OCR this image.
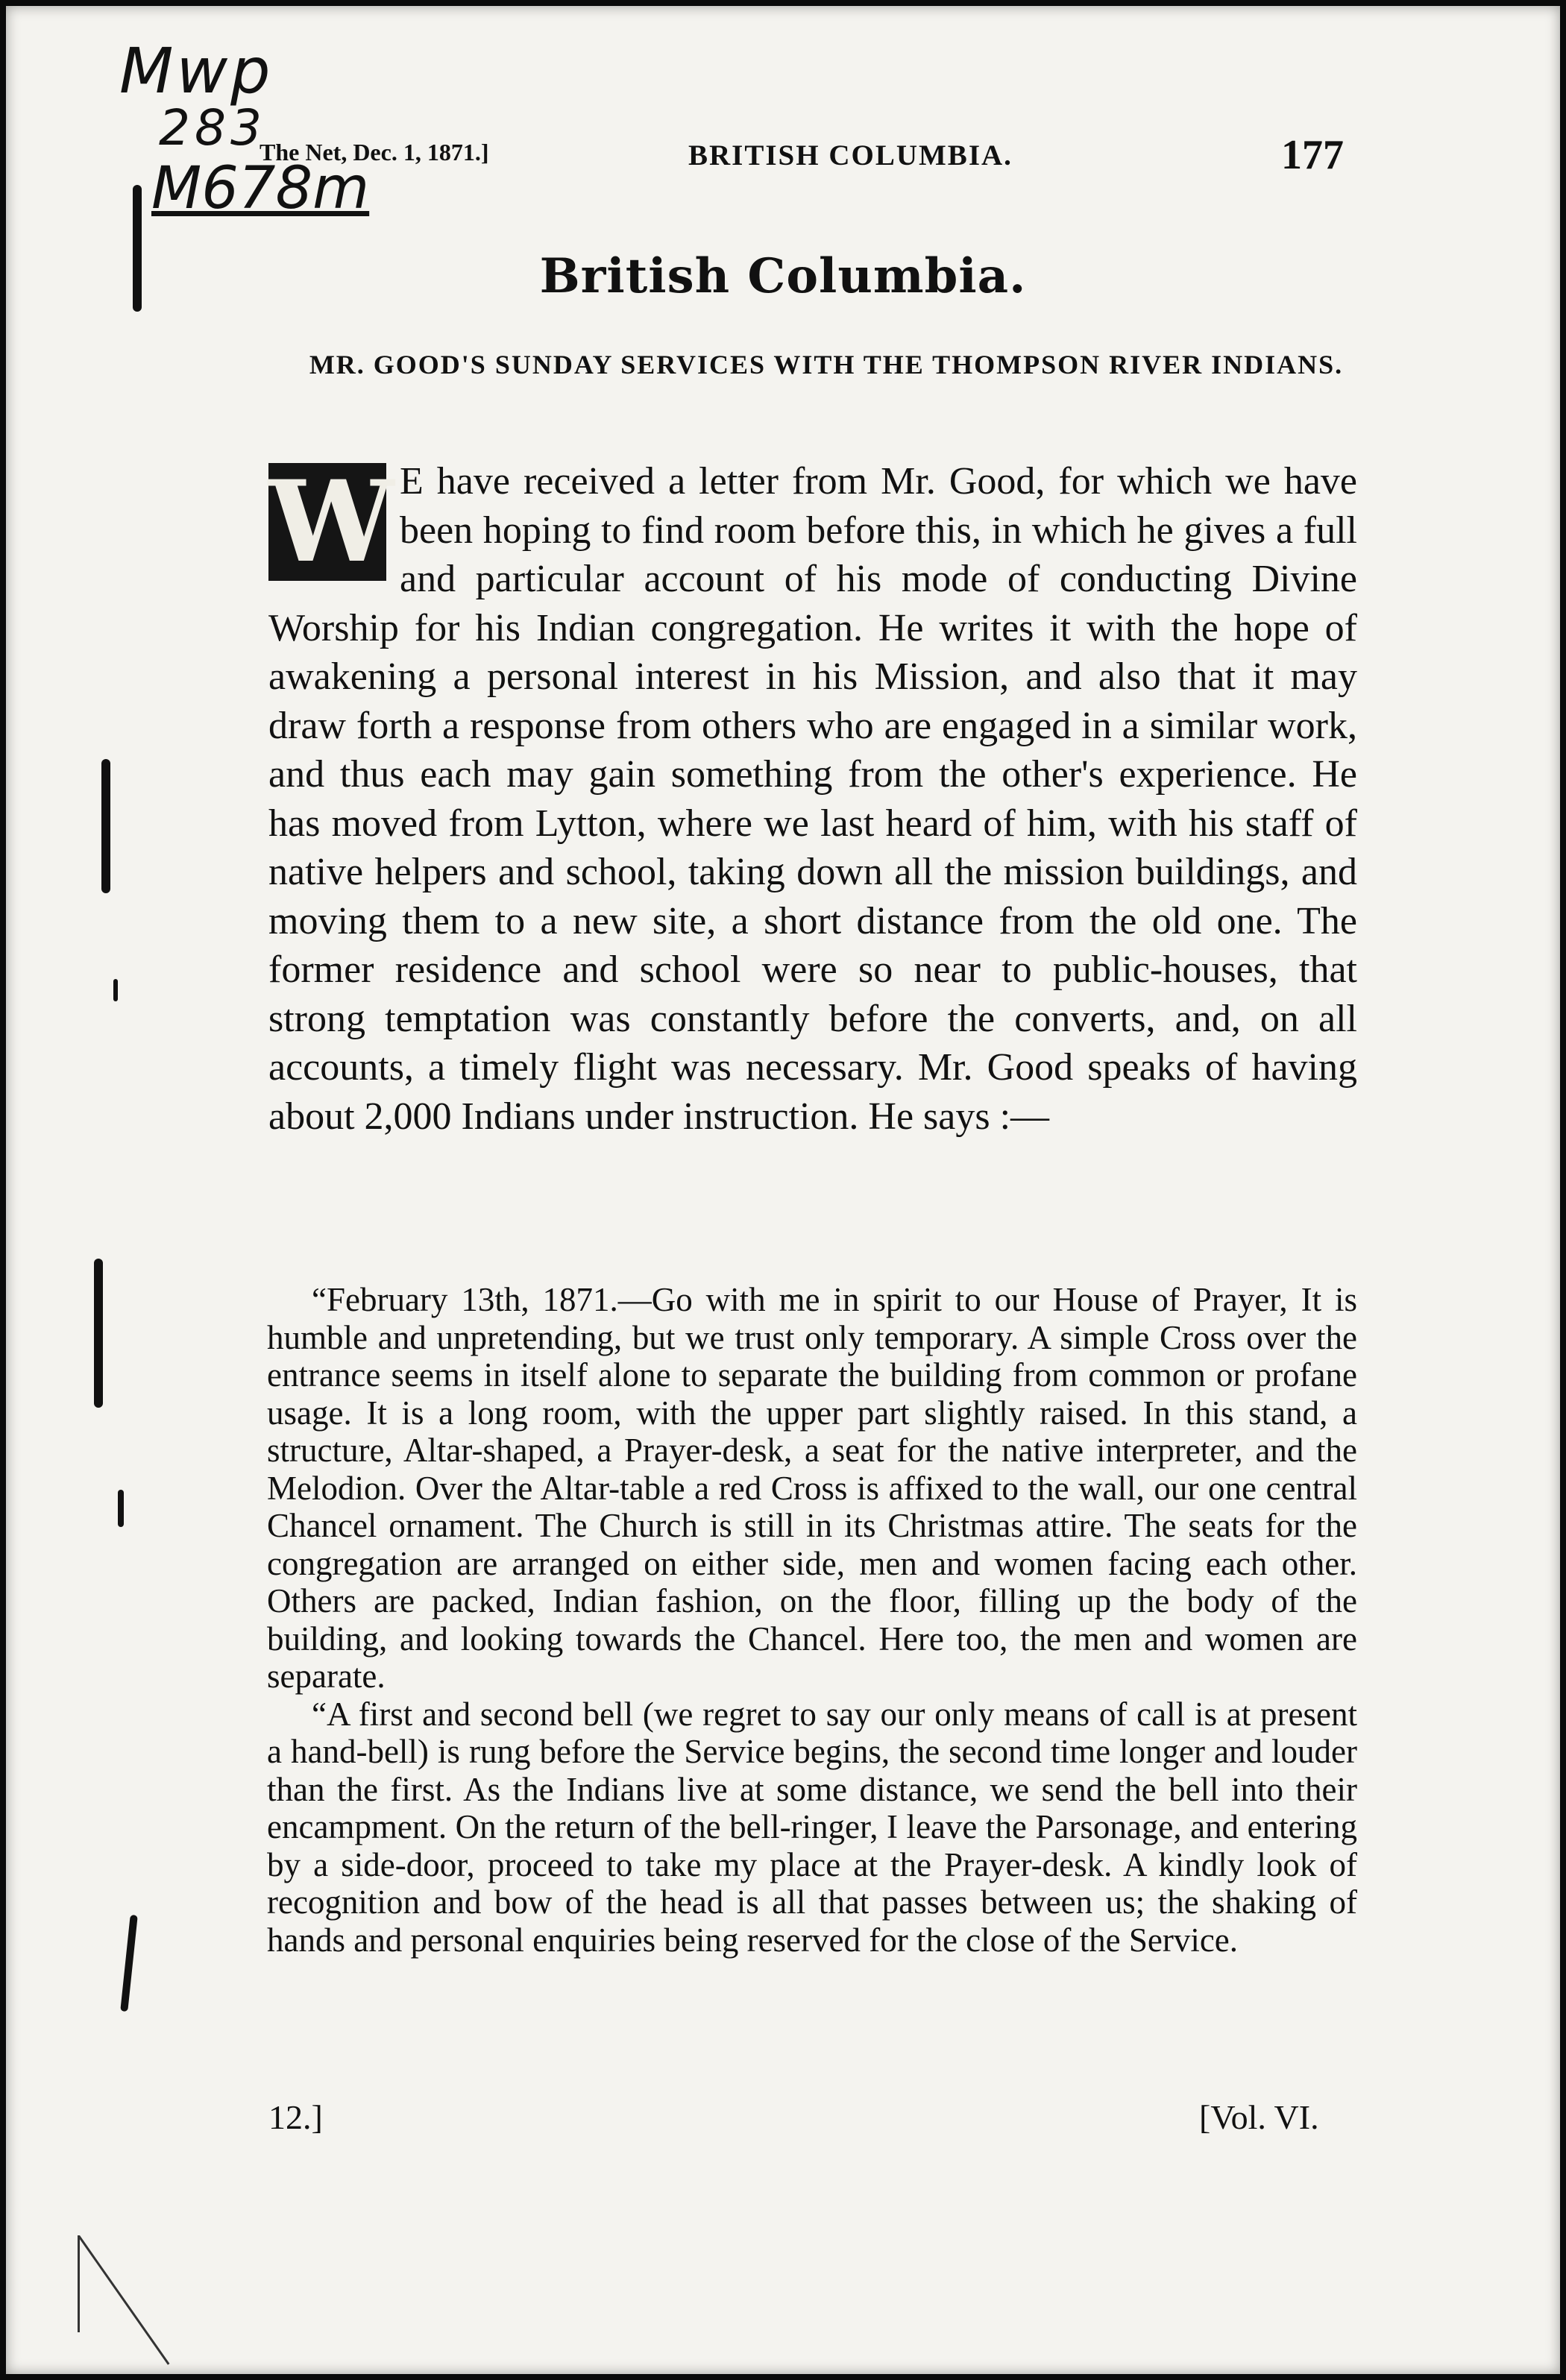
Mwp
283
M678m
The Net, Dec. 1, 1871.]	BRITISH COLUMBIA.	177
British Columbia.
MR. GOOD'S SUNDAY SERVICES WITH THE THOMPSON RIVER INDIANS.
W E have received a letter from Mr. Good, for which we have been hoping to find room before this, in which he gives a full and particular account of his mode of conducting Divine Worship for his Indian congregation. He writes it with the hope of awakening a personal interest in his Mission, and also that it may draw forth a response from others who are engaged in a similar work, and thus each may gain something from the other's experience. He has moved from Lytton, where we last heard of him, with his staff of native helpers and school, taking down all the mission buildings, and moving them to a new site, a short distance from the old one. The former residence and school were so near to public-houses, that strong temptation was constantly before the converts, and, on all accounts, a timely flight was necessary. Mr. Good speaks of having about 2,000 Indians under instruction. He says :—

“February 13th, 1871.—Go with me in spirit to our House of Prayer, It is humble and unpretending, but we trust only temporary. A simple Cross over the entrance seems in itself alone to separate the building from common or profane usage. It is a long room, with the upper part slightly raised. In this stand, a structure, Altar-shaped, a Prayer-desk, a seat for the native interpreter, and the Melodion. Over the Altar-table a red Cross is affixed to the wall, our one central Chancel ornament. The Church is still in its Christmas attire. The seats for the congregation are arranged on either side, men and women facing each other. Others are packed, Indian fashion, on the floor, filling up the body of the building, and looking towards the Chancel. Here too, the men and women are separate.

“A first and second bell (we regret to say our only means of call is at present a hand-bell) is rung before the Service begins, the second time longer and louder than the first. As the Indians live at some distance, we send the bell into their encampment. On the return of the bell-ringer, I leave the Parsonage, and entering by a side-door, proceed to take my place at the Prayer-desk. A kindly look of recognition and bow of the head is all that passes between us; the shaking of hands and personal enquiries being reserved for the close of the Service.

12.]	[Vol. VI.
